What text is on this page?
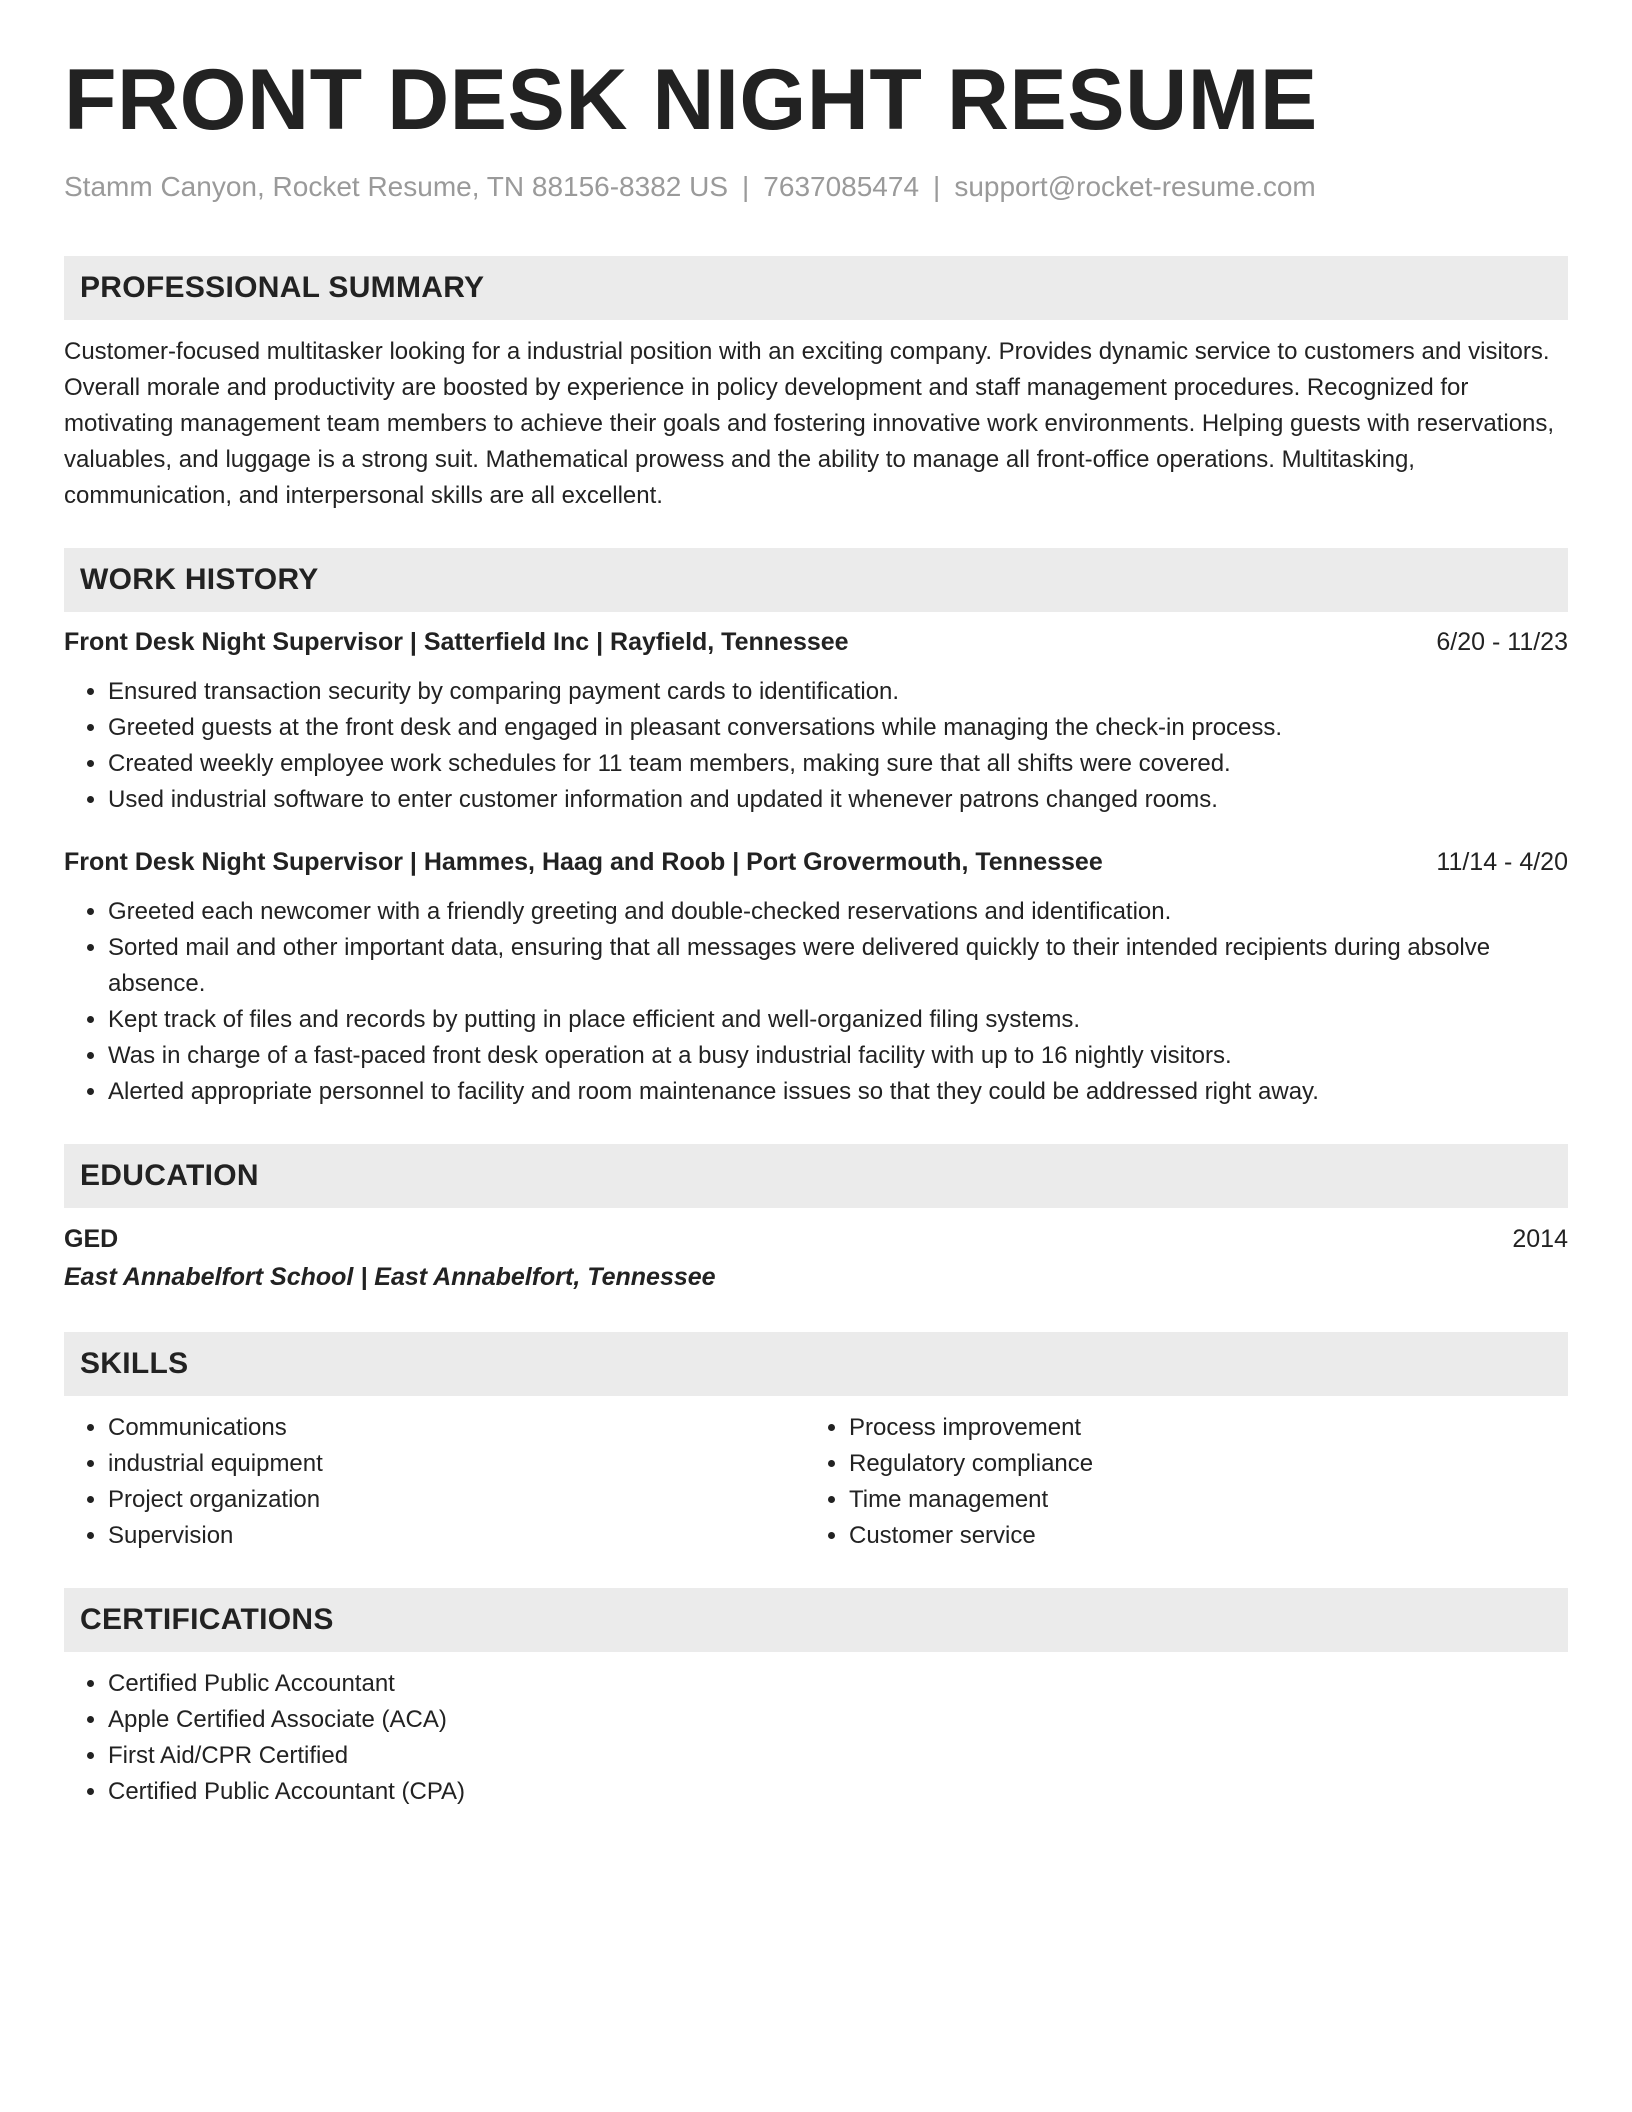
FRONT DESK NIGHT RESUME
Stamm Canyon, Rocket Resume, TN 88156-8382 US | 7637085474 | support@rocket-resume.com
PROFESSIONAL SUMMARY
Customer-focused multitasker looking for a industrial position with an exciting company. Provides dynamic service to customers and visitors. Overall morale and productivity are boosted by experience in policy development and staff management procedures. Recognized for motivating management team members to achieve their goals and fostering innovative work environments. Helping guests with reservations, valuables, and luggage is a strong suit. Mathematical prowess and the ability to manage all front-office operations. Multitasking, communication, and interpersonal skills are all excellent.
WORK HISTORY
Front Desk Night Supervisor | Satterfield Inc | Rayfield, Tennessee	6/20 - 11/23
• Ensured transaction security by comparing payment cards to identification.
• Greeted guests at the front desk and engaged in pleasant conversations while managing the check-in process.
• Created weekly employee work schedules for 11 team members, making sure that all shifts were covered.
• Used industrial software to enter customer information and updated it whenever patrons changed rooms.
Front Desk Night Supervisor | Hammes, Haag and Roob | Port Grovermouth, Tennessee	11/14 - 4/20
• Greeted each newcomer with a friendly greeting and double-checked reservations and identification.
• Sorted mail and other important data, ensuring that all messages were delivered quickly to their intended recipients during absolve absence.
• Kept track of files and records by putting in place efficient and well-organized filing systems.
• Was in charge of a fast-paced front desk operation at a busy industrial facility with up to 16 nightly visitors.
• Alerted appropriate personnel to facility and room maintenance issues so that they could be addressed right away.
EDUCATION
GED	2014
East Annabelfort School | East Annabelfort, Tennessee
SKILLS
• Communications
• industrial equipment
• Project organization
• Supervision
• Process improvement
• Regulatory compliance
• Time management
• Customer service
CERTIFICATIONS
• Certified Public Accountant
• Apple Certified Associate (ACA)
• First Aid/CPR Certified
• Certified Public Accountant (CPA)
